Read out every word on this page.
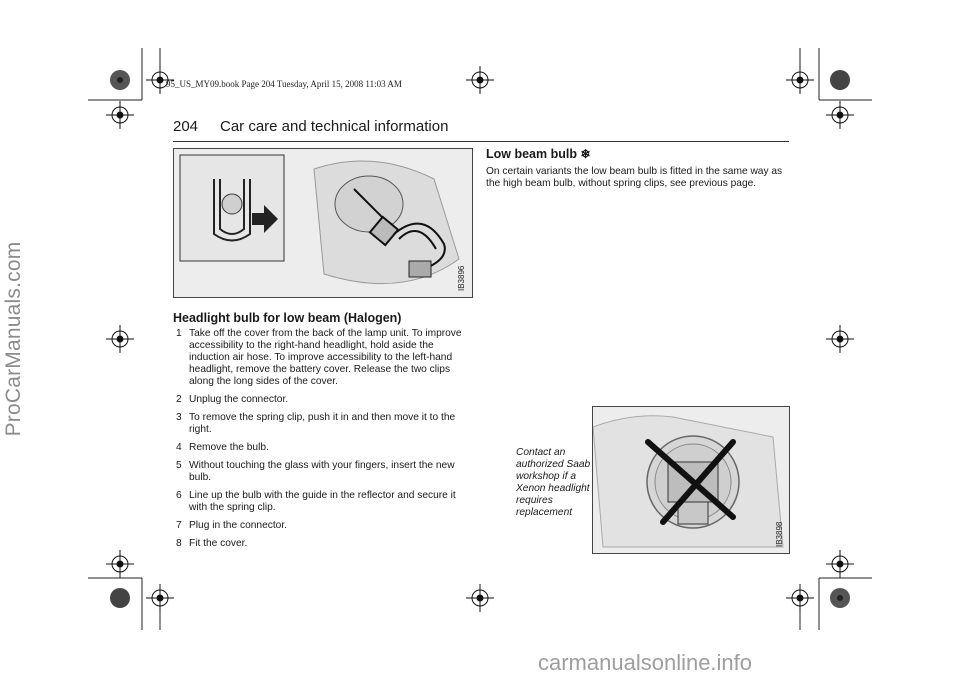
ProCarManuals.com
carmanualsonline.info
95_US_MY09.book Page 204 Tuesday, April 15, 2008 11:03 AM
204 Car care and technical information
IB3896
Headlight bulb for low beam (Halogen)
1 Take off the cover from the back of the lamp unit. To improve accessibility to the right-hand headlight, hold aside the induction air hose. To improve accessibility to the left-hand headlight, remove the battery cover. Release the two clips along the long sides of the cover.
2 Unplug the connector.
3 To remove the spring clip, push it in and then move it to the right.
4 Remove the bulb.
5 Without touching the glass with your fingers, insert the new bulb.
6 Line up the bulb with the guide in the reflector and secure it with the spring clip.
7 Plug in the connector.
8 Fit the cover.
Low beam bulb ❄
On certain variants the low beam bulb is fitted in the same way as the high beam bulb, without spring clips, see previous page.
Contact an authorized Saab workshop if a Xenon headlight requires replacement
IB3898
